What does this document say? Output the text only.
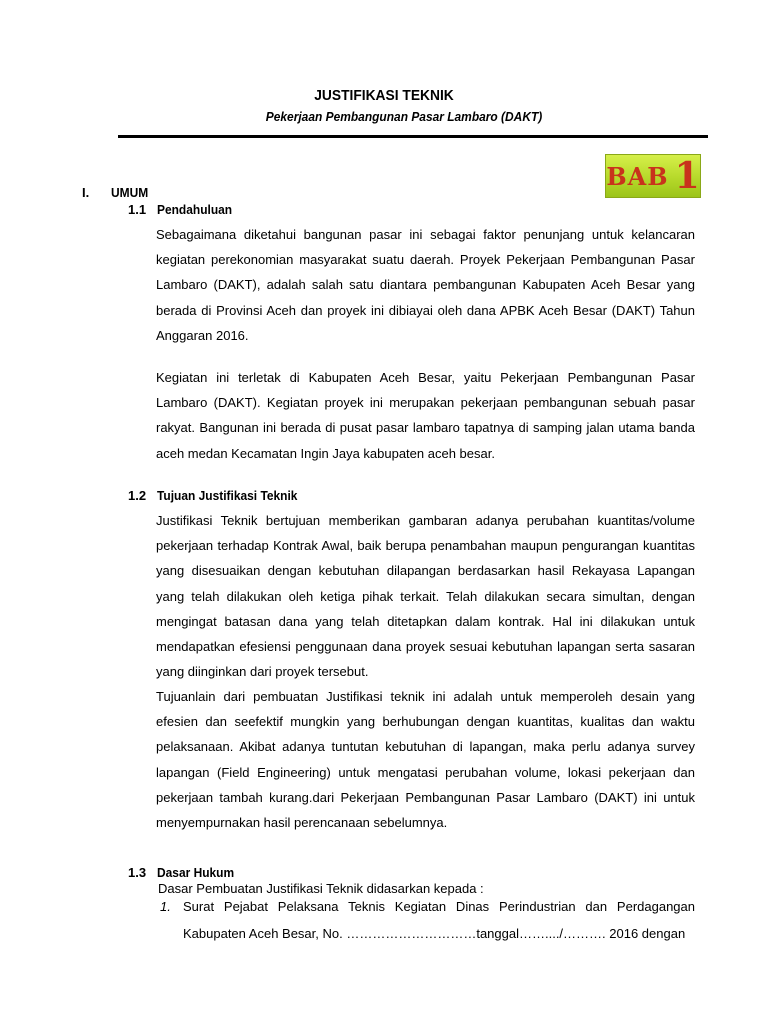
JUSTIFIKASI TEKNIK
Pekerjaan Pembangunan Pasar Lambaro (DAKT)
BAB 1
I. UMUM
1.1 Pendahuluan

Sebagaimana diketahui bangunan pasar ini sebagai faktor penunjang untuk kelancaran kegiatan perekonomian masyarakat suatu daerah. Proyek Pekerjaan Pembangunan Pasar Lambaro (DAKT), adalah salah satu diantara pembangunan Kabupaten Aceh Besar yang berada di Provinsi Aceh dan proyek ini dibiayai oleh dana APBK Aceh Besar (DAKT) Tahun Anggaran 2016.

Kegiatan ini terletak di Kabupaten Aceh Besar, yaitu Pekerjaan Pembangunan Pasar Lambaro (DAKT). Kegiatan proyek ini merupakan pekerjaan pembangunan sebuah pasar rakyat. Bangunan ini berada di pusat pasar lambaro tapatnya di samping jalan utama banda aceh medan Kecamatan Ingin Jaya kabupaten aceh besar.

1.2 Tujuan Justifikasi Teknik

Justifikasi Teknik bertujuan memberikan gambaran adanya perubahan kuantitas/volume pekerjaan terhadap Kontrak Awal, baik berupa penambahan maupun pengurangan kuantitas yang disesuaikan dengan kebutuhan dilapangan berdasarkan hasil Rekayasa Lapangan yang telah dilakukan oleh ketiga pihak terkait. Telah dilakukan secara simultan, dengan mengingat batasan dana yang telah ditetapkan dalam kontrak. Hal ini dilakukan untuk mendapatkan efesiensi penggunaan dana proyek sesuai kebutuhan lapangan serta sasaran yang diinginkan dari proyek tersebut.

Tujuanlain dari pembuatan Justifikasi teknik ini adalah untuk memperoleh desain yang efesien dan seefektif mungkin yang berhubungan dengan kuantitas, kualitas dan waktu pelaksanaan. Akibat adanya tuntutan kebutuhan di lapangan, maka perlu adanya survey lapangan (Field Engineering) untuk mengatasi perubahan volume, lokasi pekerjaan dan pekerjaan tambah kurang.dari Pekerjaan Pembangunan Pasar Lambaro (DAKT) ini untuk menyempurnakan hasil perencanaan sebelumnya.

1.3 Dasar Hukum
Dasar Pembuatan Justifikasi Teknik didasarkan kepada :
1. Surat Pejabat Pelaksana Teknis Kegiatan Dinas Perindustrian dan Perdagangan Kabupaten Aceh Besar, No. …………………………tanggal……..../………. 2016 dengan
